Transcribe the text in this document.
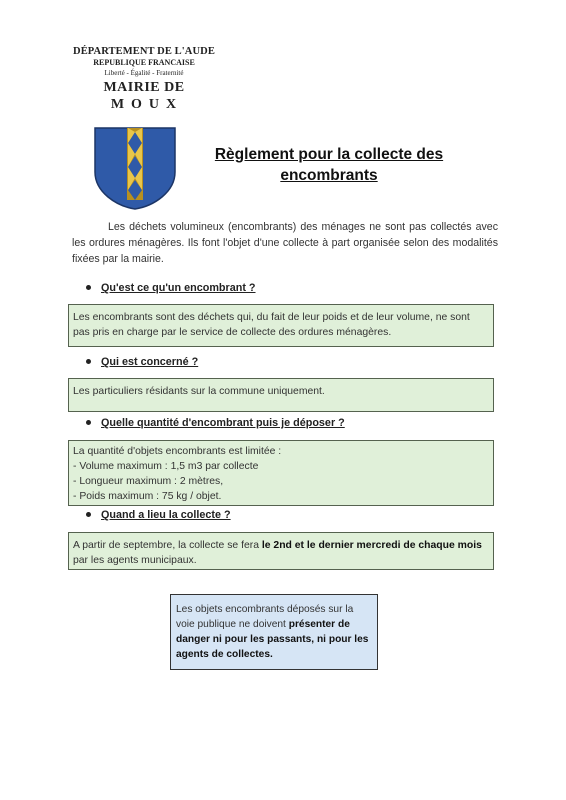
DÉPARTEMENT DE L'AUDE
REPUBLIQUE FRANCAISE
Liberté - Égalité - Fraternité
MAIRIE DE
MOUX
Règlement pour la collecte des
encombrants
Les déchets volumineux (encombrants) des ménages ne sont pas collectés avec les ordures ménagères. Ils font l'objet d'une collecte à part organisée selon des modalités fixées par la mairie.
Qu'est ce qu'un encombrant ?
Les encombrants sont des déchets qui, du fait de leur poids et de leur volume, ne sont pas pris en charge par le service de collecte des ordures ménagères.
Qui est concerné ?
Les particuliers résidants sur la commune uniquement.
Quelle quantité d'encombrant puis je déposer ?
La quantité d'objets encombrants est limitée :
- Volume maximum : 1,5 m3 par collecte
- Longueur maximum : 2 mètres,
- Poids maximum : 75 kg / objet.
Quand a lieu la collecte ?
A partir de septembre, la collecte se fera le 2nd et le dernier mercredi de chaque mois par les agents municipaux.
Les objets encombrants déposés sur la voie publique ne doivent présenter de danger ni pour les passants, ni pour les agents de collectes.
